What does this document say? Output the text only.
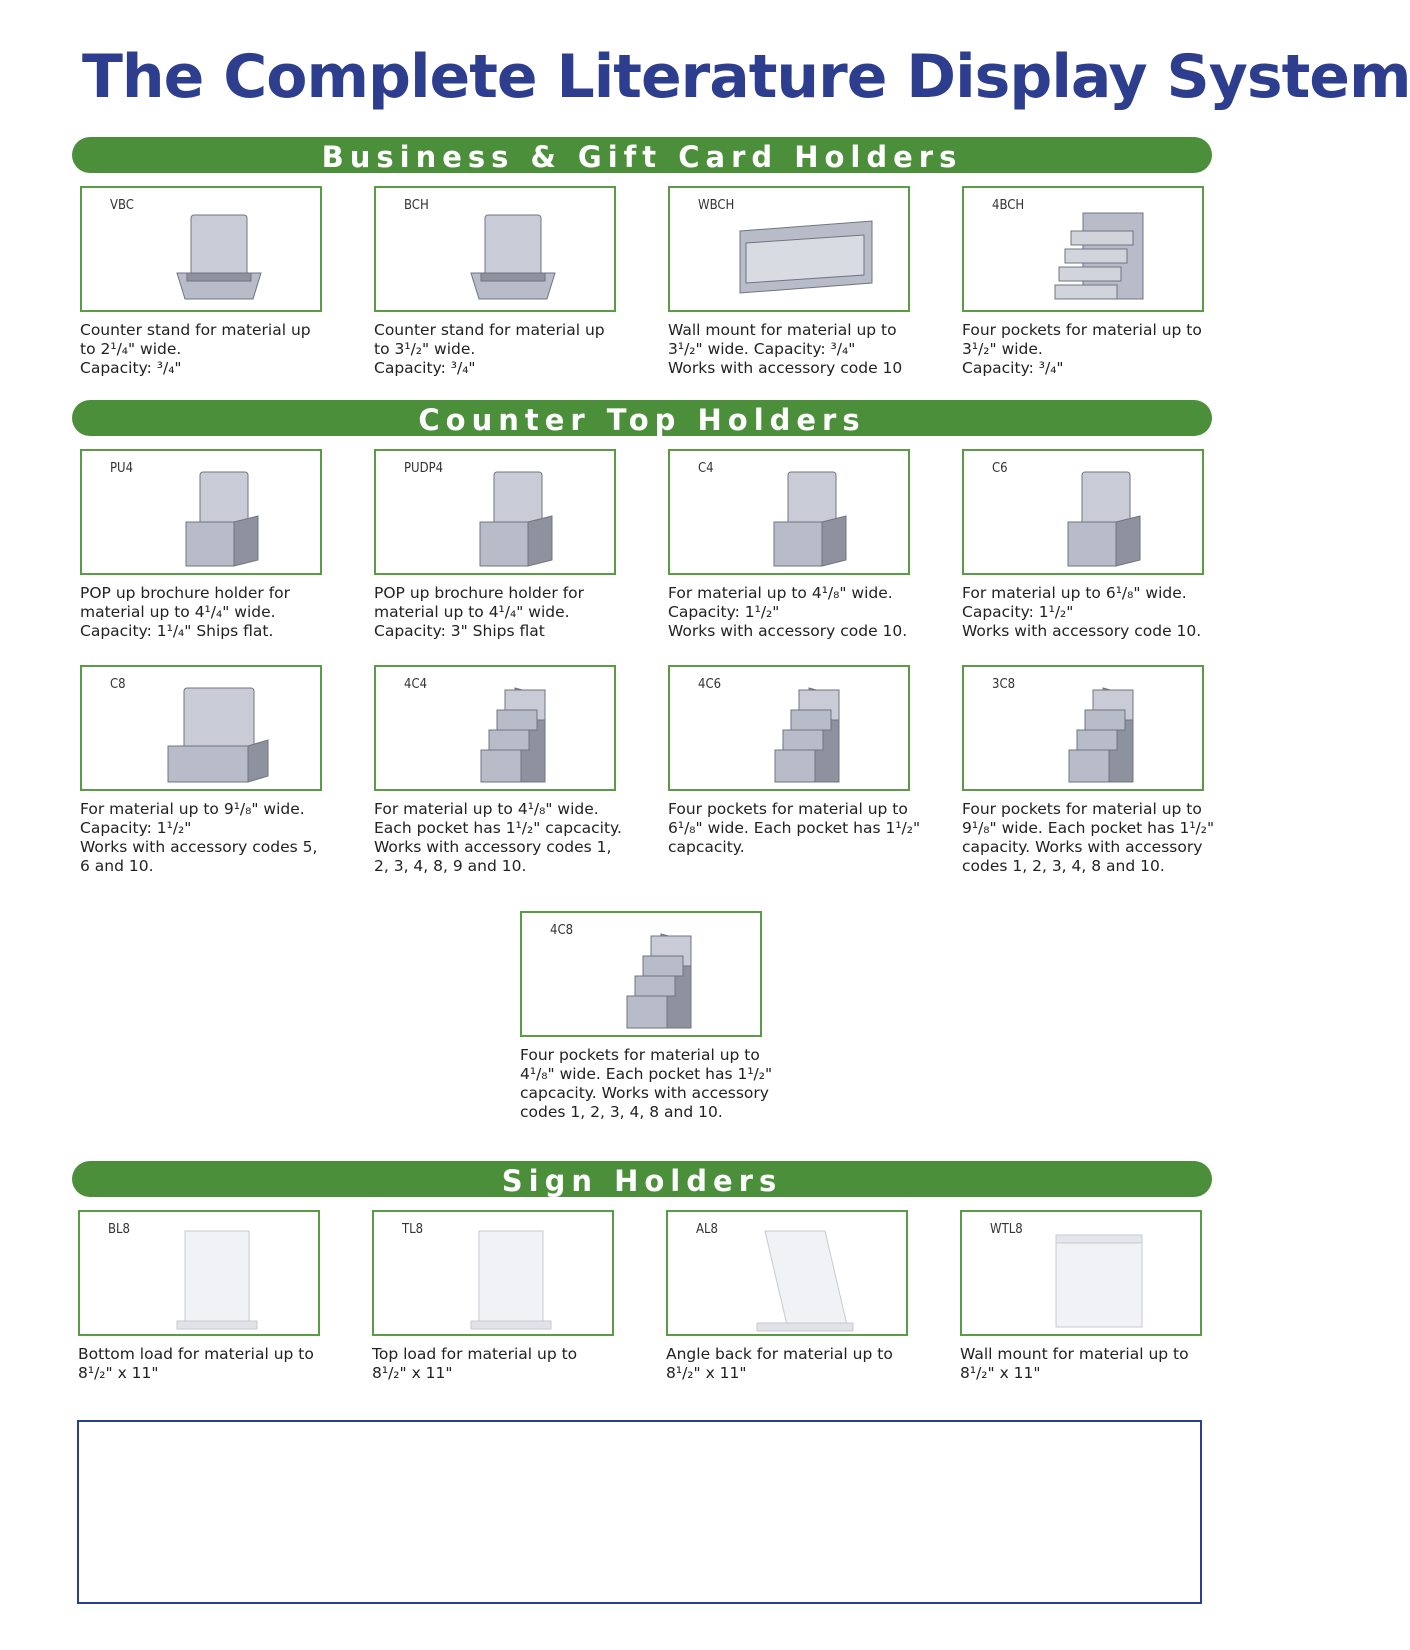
The Complete Literature Display System
Business & Gift Card Holders
VBC
Counter stand for material up
to 2¹/₄" wide.
Capacity: ³/₄"
BCH
Counter stand for material up
to 3¹/₂" wide.
Capacity: ³/₄"
WBCH
Wall mount for material up to
3¹/₂" wide. Capacity: ³/₄"
Works with accessory code 10
4BCH
Four pockets for material up to
3¹/₂" wide.
Capacity: ³/₄"
Counter Top Holders
PU4
POP up brochure holder for
material up to 4¹/₄" wide.
Capacity: 1¹/₄" Ships flat.
PUDP4
POP up brochure holder for
material up to 4¹/₄" wide.
Capacity: 3" Ships flat
C4
For material up to 4¹/₈" wide.
Capacity: 1¹/₂"
Works with accessory code 10.
C6
For material up to 6¹/₈" wide.
Capacity: 1¹/₂"
Works with accessory code 10.
C8
For material up to 9¹/₈" wide.
Capacity: 1¹/₂"
Works with accessory codes 5,
6 and 10.
4C4
For material up to 4¹/₈" wide.
Each pocket has 1¹/₂" capcacity.
Works with accessory codes 1,
2, 3, 4, 8, 9 and 10.
4C6
Four pockets for material up to
6¹/₈" wide. Each pocket has 1¹/₂"
capcacity.
3C8
Four pockets for material up to
9¹/₈" wide. Each pocket has 1¹/₂"
capacity. Works with accessory
codes 1, 2, 3, 4, 8 and 10.
4C8
Four pockets for material up to
4¹/₈" wide. Each pocket has 1¹/₂"
capcacity. Works with accessory
codes 1, 2, 3, 4, 8 and 10.
Sign Holders
BL8
Bottom load for material up to
8¹/₂" x 11"
TL8
Top load for material up to
8¹/₂" x 11"
AL8
Angle back for material up to
8¹/₂" x 11"
WTL8
Wall mount for material up to
8¹/₂" x 11"
